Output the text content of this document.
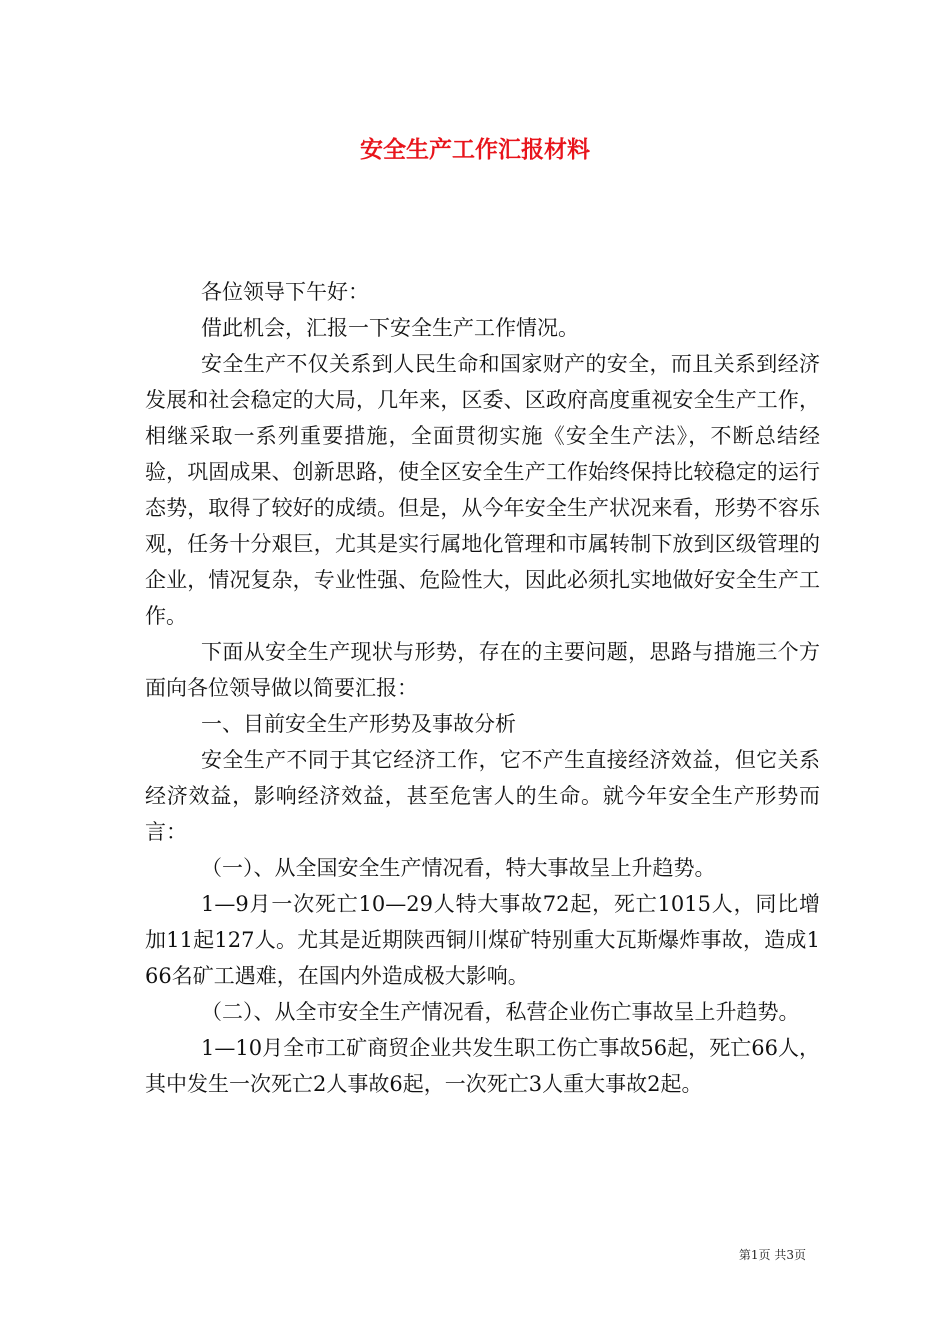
安全生产工作汇报材料

各位领导下午好：

借此机会，汇报一下安全生产工作情况。

安全生产不仅关系到人民生命和国家财产的安全，而且关系到经济发展和社会稳定的大局，几年来，区委、区政府高度重视安全生产工作，相继采取一系列重要措施，全面贯彻实施《安全生产法》，不断总结经验，巩固成果、创新思路，使全区安全生产工作始终保持比较稳定的运行态势，取得了较好的成绩。但是，从今年安全生产状况来看，形势不容乐观，任务十分艰巨，尤其是实行属地化管理和市属转制下放到区级管理的企业，情况复杂，专业性强、危险性大，因此必须扎实地做好安全生产工作。

下面从安全生产现状与形势，存在的主要问题，思路与措施三个方面向各位领导做以简要汇报：

一、目前安全生产形势及事故分析

安全生产不同于其它经济工作，它不产生直接经济效益，但它关系经济效益，影响经济效益，甚至危害人的生命。就今年安全生产形势而言：

（一）、从全国安全生产情况看，特大事故呈上升趋势。

1—9月一次死亡10—29人特大事故72起，死亡1015人，同比增加11起127人。尤其是近期陕西铜川煤矿特别重大瓦斯爆炸事故，造成166名矿工遇难，在国内外造成极大影响。

（二）、从全市安全生产情况看，私营企业伤亡事故呈上升趋势。

1—10月全市工矿商贸企业共发生职工伤亡事故56起，死亡66人，其中发生一次死亡2人事故6起，一次死亡3人重大事故2起。

第1页 共3页
